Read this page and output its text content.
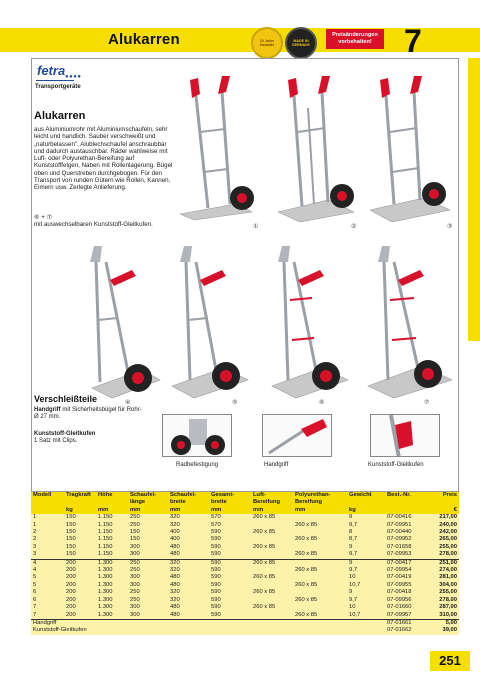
Alukarren	10 Jahre Garantie
MADE IN GERMANY
Preisänderungen vorbehalten!	7
fetra ●●●●
Transportgeräte
Alukarren
aus Aluminiumrohr mit Aluminiumschaufeln, sehr leicht und handlich. Sauber verschweißt und „naturbelassen". Alublechschaufel anschraubbar und dadurch austauschbar. Räder wahlweise mit Luft- oder Polyurethan-Bereifung auf Kunststofffelgen, Naben mit Rollenlagerung. Bügel oben und Querstreben durchgebogen. Für den Transport von runden Gütern wie Rollen, Kannen, Eimern usw. Zerlegte Anlieferung.
⑥ + ⑦
mit auswechselbaren Kunststoff-Gleitkufen.	①	②	③
④	⑤	⑥	⑦
Verschleißteile
Handgriff mit Sicherheitsbügel für Rohr-Ø 27 mm.
Kunststoff-Gleitkufen
1 Satz mit Clips.
Radbefestigung	Handgriff	Kunststoff-Gleitkufen
Modell	Tragkraft	Höhe	Schaufel-	Schaufel-	Gesamt-	Luft-	Polyurethan-	Gewicht	Best.-Nr.	Preis
			länge	breite	breite	Bereifung	Bereifung			
	kg	mm	mm	mm	mm	mm	mm	kg		€
1	150	1.150	250	320	570	260 x 85		9	07-00416	217,00
1	150	1.150	250	320	570		260 x 85	9,7	07-09951	240,00
2	150	1.150	150	400	590	260 x 85		8	07-00440	242,00
2	150	1.150	150	400	590		260 x 85	8,7	07-09952	265,00
3	150	1.150	300	480	590	260 x 85		9	07-01658	255,00
3	150	1.150	300	480	590		260 x 85	9,7	07-09953	278,00
4	200	1.300	250	320	590	260 x 85		9	07-00417	251,00
4	200	1.300	250	320	590		260 x 85	9,7	07-09954	274,00
5	200	1.300	300	480	590	260 x 85		10	07-00419	281,00
5	200	1.300	300	480	590		260 x 85	10,7	07-09955	304,00
6	200	1.300	250	320	590	260 x 85		9	07-00418	255,00
6	200	1.300	250	320	590		260 x 85	9,7	07-09956	278,00
7	200	1.300	300	480	590	260 x 85		10	07-01660	287,00
7	200	1.300	300	480	590		260 x 85	10,7	07-09957	310,00
Handgriff									07-01661	5,00
Kunststoff-Gleitkufen									07-01662	39,00
251
